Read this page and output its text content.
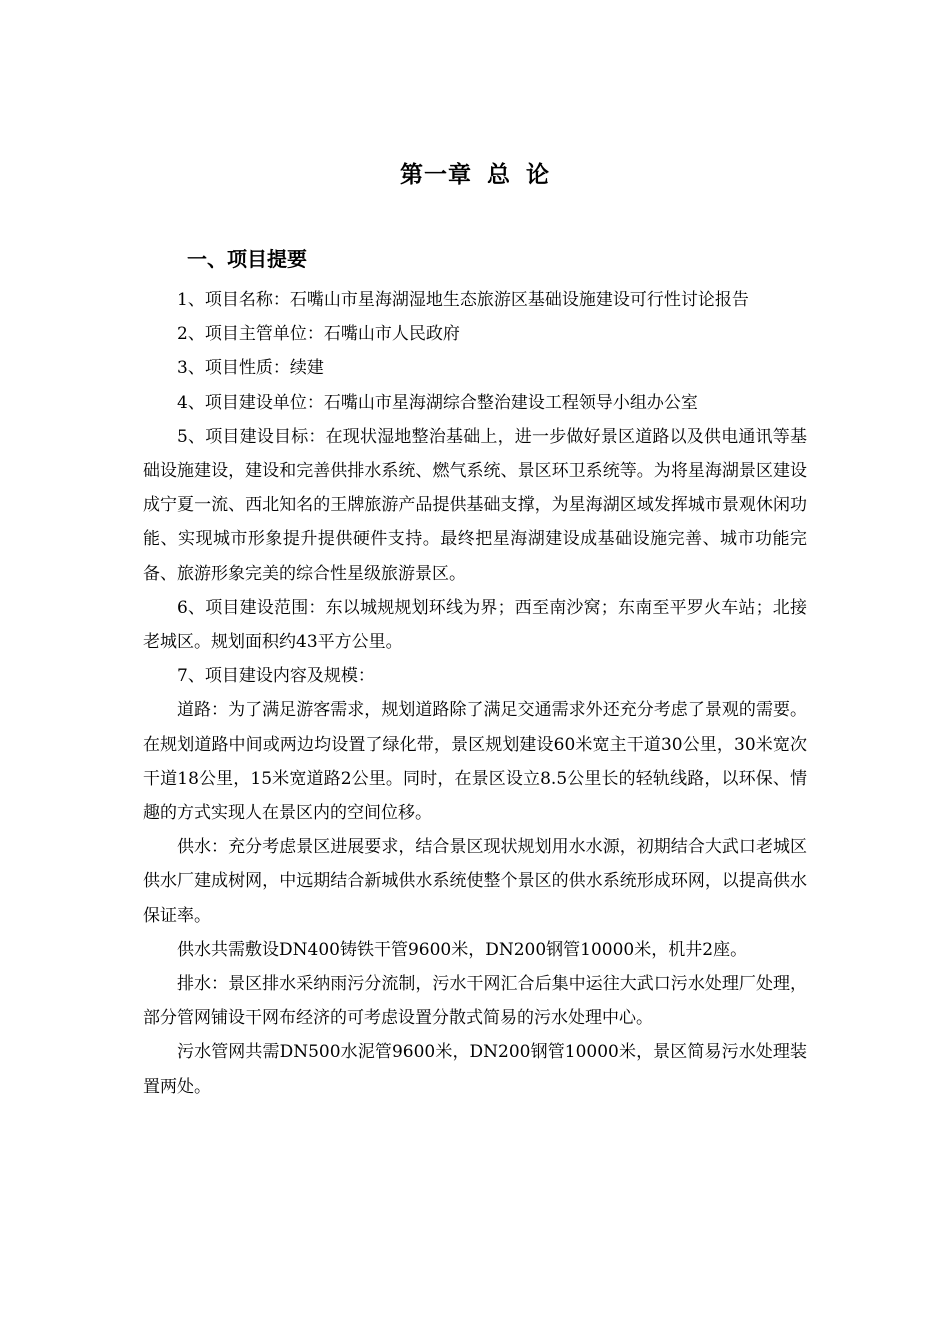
第一章 总 论
一、项目提要

1、项目名称：石嘴山市星海湖湿地生态旅游区基础设施建设可行性讨论报告

2、项目主管单位：石嘴山市人民政府

3、项目性质：续建

4、项目建设单位：石嘴山市星海湖综合整治建设工程领导小组办公室

5、项目建设目标：在现状湿地整治基础上，进一步做好景区道路以及供电通讯等基础设施建设，建设和完善供排水系统、燃气系统、景区环卫系统等。为将星海湖景区建设成宁夏一流、西北知名的王牌旅游产品提供基础支撑，为星海湖区域发挥城市景观休闲功能、实现城市形象提升提供硬件支持。最终把星海湖建设成基础设施完善、城市功能完备、旅游形象完美的综合性星级旅游景区。

6、项目建设范围：东以城规规划环线为界；西至南沙窝；东南至平罗火车站；北接老城区。规划面积约43平方公里。

7、项目建设内容及规模：

道路：为了满足游客需求，规划道路除了满足交通需求外还充分考虑了景观的需要。在规划道路中间或两边均设置了绿化带，景区规划建设60米宽主干道30公里，30米宽次干道18公里，15米宽道路2公里。同时，在景区设立8.5公里长的轻轨线路，以环保、情趣的方式实现人在景区内的空间位移。

供水：充分考虑景区进展要求，结合景区现状规划用水水源，初期结合大武口老城区供水厂建成树网，中远期结合新城供水系统使整个景区的供水系统形成环网，以提高供水保证率。

供水共需敷设DN400铸铁干管9600米，DN200钢管10000米，机井2座。

排水：景区排水采纳雨污分流制，污水干网汇合后集中运往大武口污水处理厂处理，部分管网铺设干网布经济的可考虑设置分散式简易的污水处理中心。

污水管网共需DN500水泥管9600米，DN200钢管10000米，景区简易污水处理装置两处。
